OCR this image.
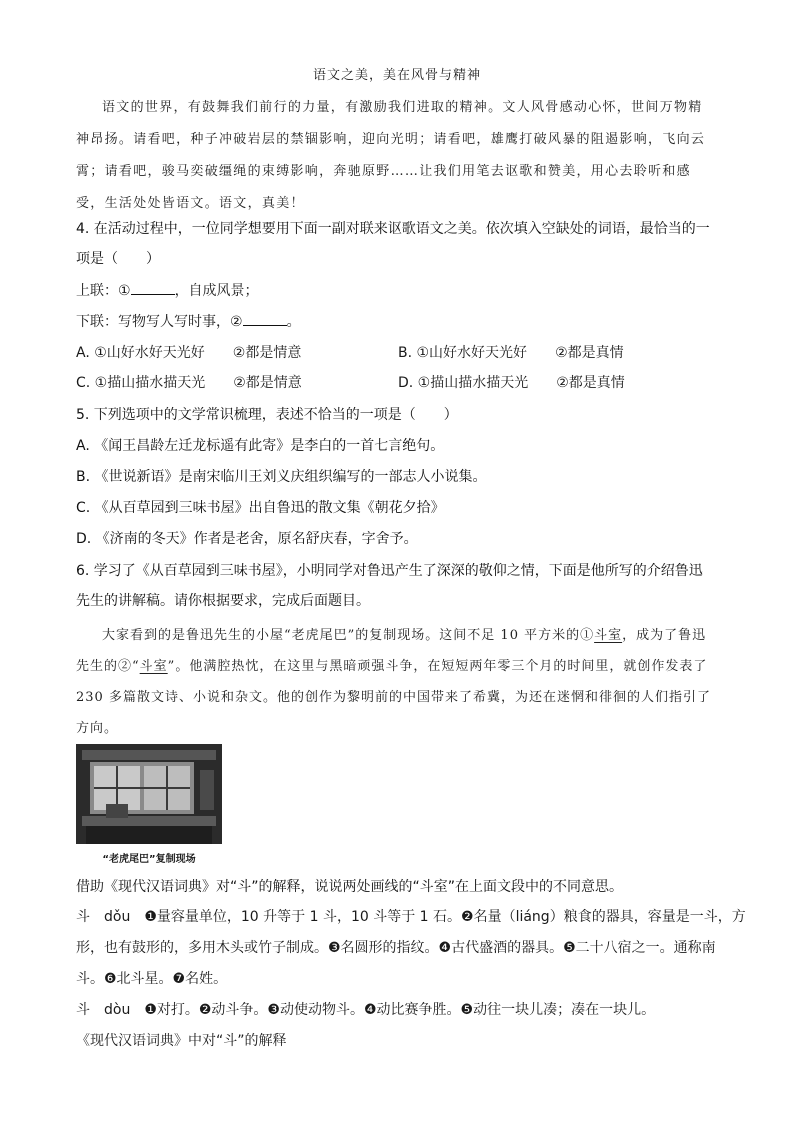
语文之美，美在风骨与精神

语文的世界，有鼓舞我们前行的力量，有激励我们进取的精神。文人风骨感动心怀，世间万物精神昂扬。请看吧，种子冲破岩层的禁锢影响，迎向光明；请看吧，雄鹰打破风暴的阻遏影响，飞向云霄；请看吧，骏马奕破缰绳的束缚影响，奔驰原野……让我们用笔去讴歌和赞美，用心去聆听和感受，生活处处皆语文。语文，真美！

4. 在活动过程中，一位同学想要用下面一副对联来讴歌语文之美。依次填入空缺处的词语，最恰当的一项是（　　）

上联：①	，自成风景；
下联：写物写人写时事，②	。
A. ①山好水好天光好 ②都是情意	B. ①山好水好天光好 ②都是真情
C. ①描山描水描天光 ②都是情意	D. ①描山描水描天光 ②都是真情

5. 下列选项中的文学常识梳理，表述不恰当的一项是（　　）

A. 《闻王昌龄左迁龙标遥有此寄》是李白的一首七言绝句。

B. 《世说新语》是南宋临川王刘义庆组织编写的一部志人小说集。

C. 《从百草园到三味书屋》出自鲁迅的散文集《朝花夕拾》

D. 《济南的冬天》作者是老舍，原名舒庆春，字舍予。

6. 学习了《从百草园到三味书屋》，小明同学对鲁迅产生了深深的敬仰之情，下面是他所写的介绍鲁迅先生的讲解稿。请你根据要求，完成后面题目。

大家看到的是鲁迅先生的小屋“老虎尾巴”的复制现场。这间不足 10 平方米的①斗室，成为了鲁迅先生的②“斗室”。他满腔热忱，在这里与黑暗顽强斗争，在短短两年零三个月的时间里，就创作发表了 230 多篇散文诗、小说和杂文。他的创作为黎明前的中国带来了希冀，为还在迷惘和徘徊的人们指引了方向。

“老虎尾巴”复制现场

借助《现代汉语词典》对“斗”的解释，说说两处画线的“斗室”在上面文段中的不同意思。

斗　dǒu　 ❶量容量单位，10 升等于 1 斗，10 斗等于 1 石。❷名量（liáng）粮食的器具，容量是一斗，方
形，也有鼓形的，多用木头或竹子制成。❸名圆形的指纹。❹古代盛酒的器具。❺二十八宿之一。通称南
斗。❻北斗星。❼名姓。
斗　dòu　 ❶对打。❷动斗争。❸动使动物斗。❹动比赛争胜。❺动往一块儿凑；凑在一块儿。
《现代汉语词典》中对“斗”的解释
